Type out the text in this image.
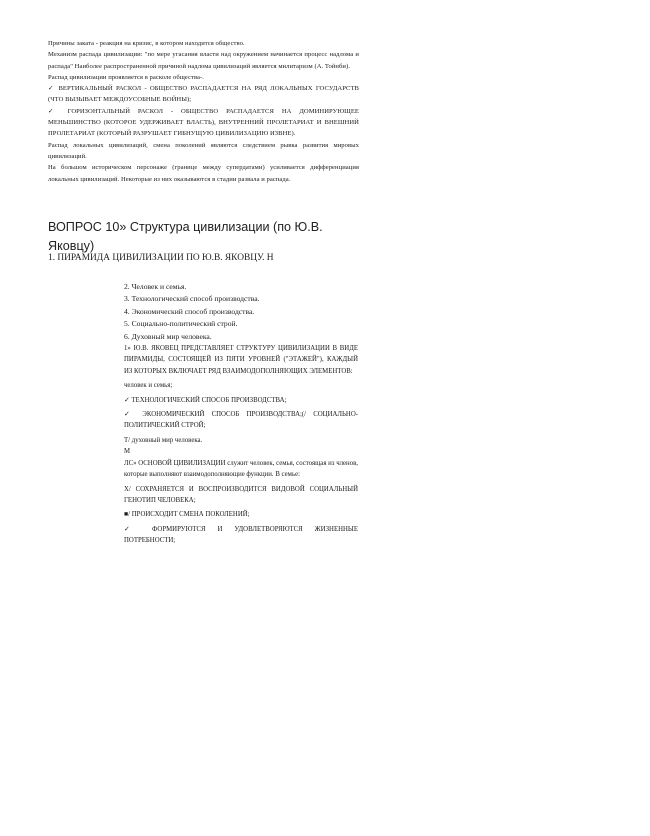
Причины заката - реакция на кризис, в котором находится общество.

Механизм распада цивилизации: "по мере угасания власти над окружением начинается процесс надлома и распада" Наиболее распространенной причиной надлома цивилизаций является милитаризм (А. Тойнби).

Распад цивилизации проявляется в расколе общества-.

✓ ВЕРТИКАЛЬНЫЙ РАСКОЛ - ОБЩЕСТВО РАСПАДАЕТСЯ НА РЯД ЛОКАЛЬНЫХ ГОСУДАРСТВ (ЧТО ВЫЗЫВАЕТ МЕЖДОУСОБНЫЕ ВОЙНЫ);

✓ ГОРИЗОНТАЛЬНЫЙ РАСКОЛ - ОБЩЕСТВО РАСПАДАЕТСЯ НА ДОМИНИРУЮЩЕЕ МЕНЬШИНСТВО (КОТОРОЕ УДЕРЖИВАЕТ ВЛАСТЬ), ВНУТРЕННИЙ ПРОЛЕТАРИАТ И ВНЕШНИЙ ПРОЛЕТАРИАТ (КОТОРЫЙ РАЗРУШАЕТ ГИБНУЩУЮ ЦИВИЛИЗАЦИЮ ИЗВНЕ).

Распад локальных цивилизаций, смена поколений являются следствием рывка развития мировых цивилизаций.

На большом историческом персонаже (границе между супердатами) усиливается дифференциация локальных цивилизаций. Некоторые из них оказываются в стадии развала и распада.

ВОПРОС 10» Структура цивилизации (по Ю.В. Яковцу)

1. ПИРАМИДА ЦИВИЛИЗАЦИИ ПО Ю.В. ЯКОВЦУ. Н

2. Человек и семья.

3. Технологический способ производства.

4. Экономический способ производства.

5. Социально-политический строй.

6. Духовный мир человека.

1» Ю.В. ЯКОВЕЦ ПРЕДСТАВЛЯЕТ СТРУКТУРУ ЦИВИЛИЗАЦИИ В ВИДЕ ПИРАМИДЫ, СОСТОЯЩЕЙ ИЗ ПЯТИ УРОВНЕЙ ("ЭТАЖЕЙ"), КАЖДЫЙ ИЗ КОТОРЫХ ВКЛЮЧАЕТ РЯД ВЗАИМОДОПОЛНЯЮЩИХ ЭЛЕМЕНТОВ:

человек и семья;

✓ ТЕХНОЛОГИЧЕСКИЙ СПОСОБ ПРОИЗВОДСТВА;

✓ ЭКОНОМИЧЕСКИЙ СПОСОБ ПРОИЗВОДСТВА;(/ СОЦИАЛЬНО-ПОЛИТИЧЕСКИЙ СТРОЙ;

Т/ духовный мир человека.

М

ЛС» ОСНОВОЙ ЦИВИЛИЗАЦИИ служит человек, семья, состоящая из членов, которые выполняют взаимодополняющие функции. В семье:

Х/ СОХРАНЯЕТСЯ И ВОСПРОИЗВОДИТСЯ ВИДОВОЙ СОЦИАЛЬНЫЙ ГЕНОТИП ЧЕЛОВЕКА;

■/ ПРОИСХОДИТ СМЕНА ПОКОЛЕНИЙ;

✓ ФОРМИРУЮТСЯ И УДОВЛЕТВОРЯЮТСЯ ЖИЗНЕННЫЕ ПОТРЕБНОСТИ;
